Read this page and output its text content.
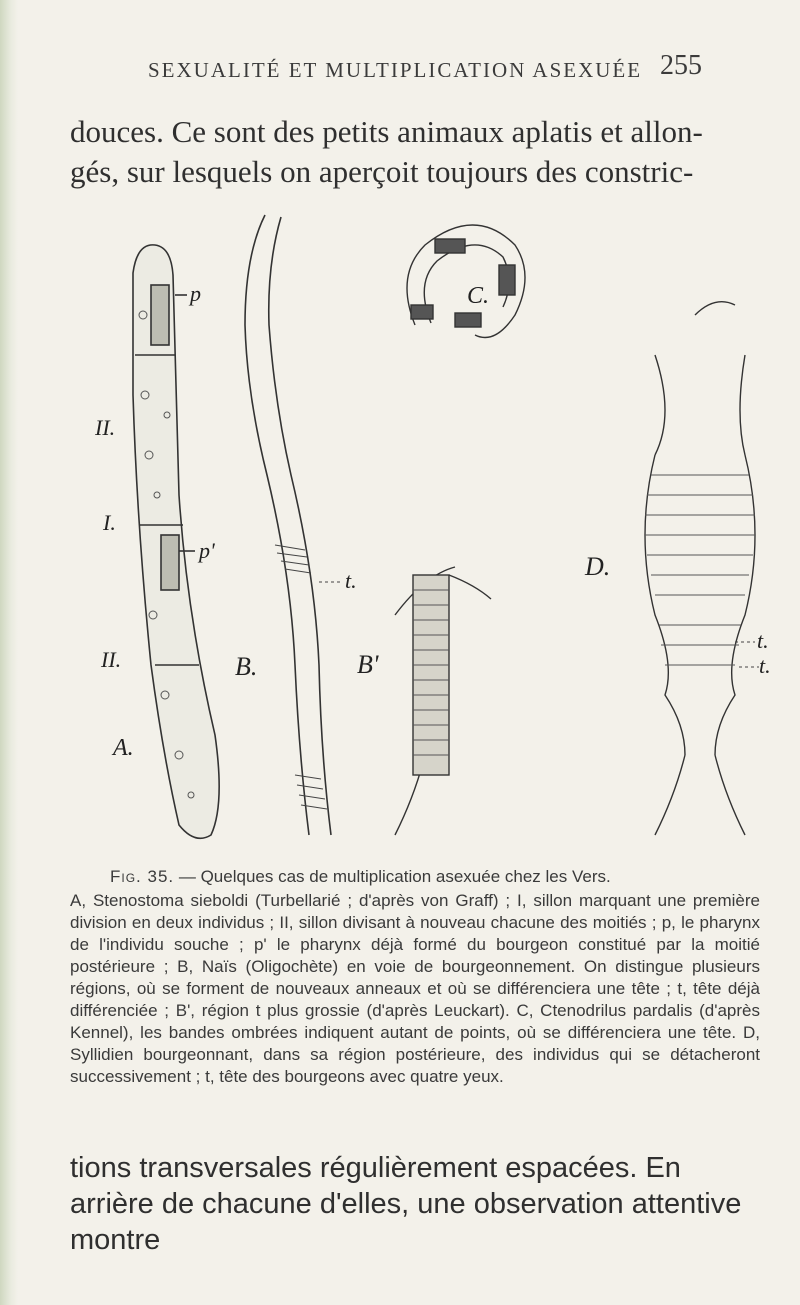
SEXUALITÉ ET MULTIPLICATION ASEXUÉE 255

douces. Ce sont des petits animaux aplatis et allon-

gés, sur lesquels on aperçoit toujours des constric-

p
p'
II.
I.
II.
A.
B.
t.
B'
C.
D.
t.
t.

Fig. 35. — Quelques cas de multiplication asexuée chez les Vers.

A, Stenostoma sieboldi (Turbellarié ; d'après von Graff) ; I, sillon marquant une première division en deux individus ; II, sillon divisant à nouveau chacune des moitiés ; p, le pharynx de l'individu souche ; p' le pharynx déjà formé du bourgeon constitué par la moitié postérieure ; B, Naïs (Oligochète) en voie de bourgeonnement. On distingue plusieurs régions, où se forment de nouveaux anneaux et où se différenciera une tête ; t, tête déjà différenciée ; B', région t plus grossie (d'après Leuckart). C, Ctenodrilus pardalis (d'après Kennel), les bandes ombrées indiquent autant de points, où se différenciera une tête. D, Syllidien bourgeonnant, dans sa région postérieure, des individus qui se détacheront successivement ; t, tête des bourgeons avec quatre yeux.

tions transversales régulièrement espacées. En arrière de chacune d'elles, une observation attentive montre
